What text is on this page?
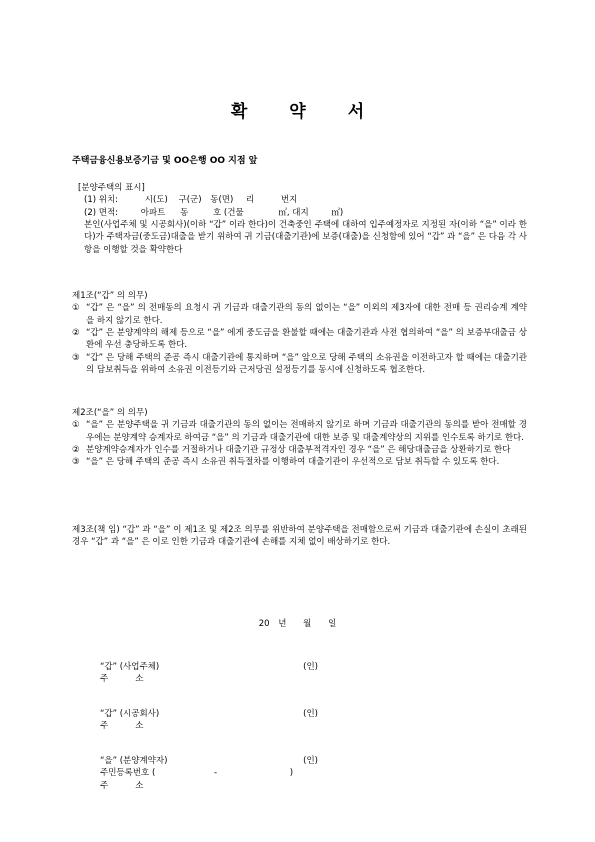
확약서
주택금융신용보증기금 및 OO은행 OO 지점 앞
[분양주택의 표시]
(1) 위치:	시(도) 구(군) 동(면) 리	번지
(2) 면적:	아파트 동	호 (건물	㎡, 대지	㎡)
본인(사업주체 및 시공회사)(이하 “갑” 이라 한다)이 건축중인 주택에 대하여 입주예정자로 지정된 자(이하 “을” 이라 한다)가 주택자금(중도금)대출을 받기 위하여 귀 기금(대출기관)에 보증(대출)을 신청함에 있어 “갑” 과 “을” 은 다음 각 사항을 이행할 것을 확약한다
제1조(“갑” 의 의무)
① “갑” 은 “을” 의 전매동의 요청시 귀 기금과 대출기관의 동의 없이는 “을” 이외의 제3자에 대한 전매 등 권리승계 계약을 하지 않기로 한다.
② “갑” 은 분양계약의 해제 등으로 “을” 에게 중도금을 환불할 때에는 대출기관과 사전 협의하여 “을” 의 보증부대출금 상환에 우선 충당하도록 한다.
③ “갑” 은 당해 주택의 준공 즉시 대출기관에 통지하며 “을” 앞으로 당해 주택의 소유권을 이전하고자 할 때에는 대출기관의 담보취득을 위하여 소유권 이전등기와 근저당권 설정등기를 동시에 신청하도록 협조한다.
제2조(“을” 의 의무)
① “을” 은 분양주택을 귀 기금과 대출기관의 동의 없이는 전매하지 않기로 하며 기금과 대출기관의 동의를 받아 전매할 경우에는 분양계약 승계자로 하여금 “을” 의 기금과 대출기관에 대한 보증 및 대출계약상의 지위를 인수토록 하기로 한다.
② 분양계약승계자가 인수를 거절하거나 대출기관 규정상 대출부적격자인 경우 “을” 은 해당대출금을 상환하기로 한다
③ “을” 은 당해 주택의 준공 즉시 소유권 취득절차를 이행하여 대출기관이 우선적으로 담보 취득할 수 있도록 한다.
제3조(책 임) “갑” 과 “을” 이 제1조 및 제2조 의무를 위반하여 분양주택을 전매함으로써 기금과 대출기관에 손실이 초래된 경우 “갑” 과 “을” 은 이로 인한 기금과 대출기관에 손해를 지체 없이 배상하기로 한다.
20 년 월 일
“갑” (사업주체)	(인)
주          소
“갑” (시공회사)	(인)
주          소
“을” (분양계약자)	(인)
주민등록번호 (	-	)
주          소
